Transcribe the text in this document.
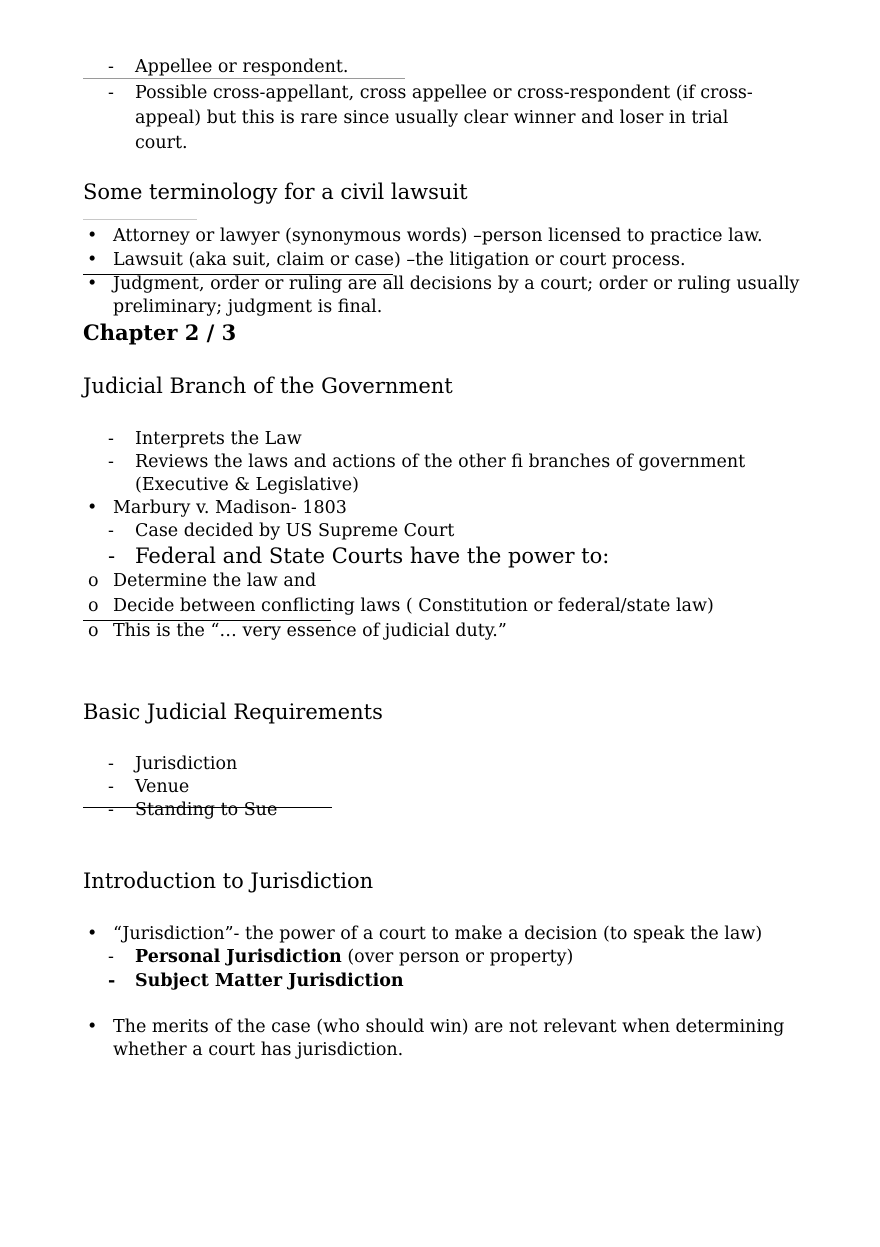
- Appellee or respondent.
- Possible cross-appellant, cross appellee or cross-respondent (if cross-
appeal) but this is rare since usually clear winner and loser in trial
court.
Some terminology for a civil lawsuit
• Attorney or lawyer (synonymous words) –person licensed to practice law.
• Lawsuit (aka suit, claim or case) –the litigation or court process.
• Judgment, order or ruling are all decisions by a court; order or ruling usually
preliminary; judgment is final.
Chapter 2 / 3
Judicial Branch of the Government
- Interprets the Law
- Reviews the laws and actions of the other fi branches of government
(Executive & Legislative)
• Marbury v. Madison- 1803
- Case decided by US Supreme Court
- Federal and State Courts have the power to:
o Determine the law and
o Decide between conflicting laws ( Constitution or federal/state law)
o This is the “… very essence of judicial duty.”
Basic Judicial Requirements
- Jurisdiction
- Venue
- Standing to Sue
Introduction to Jurisdiction
• “Jurisdiction”- the power of a court to make a decision (to speak the law)
- Personal Jurisdiction (over person or property)
- Subject Matter Jurisdiction
• The merits of the case (who should win) are not relevant when determining
whether a court has jurisdiction.
